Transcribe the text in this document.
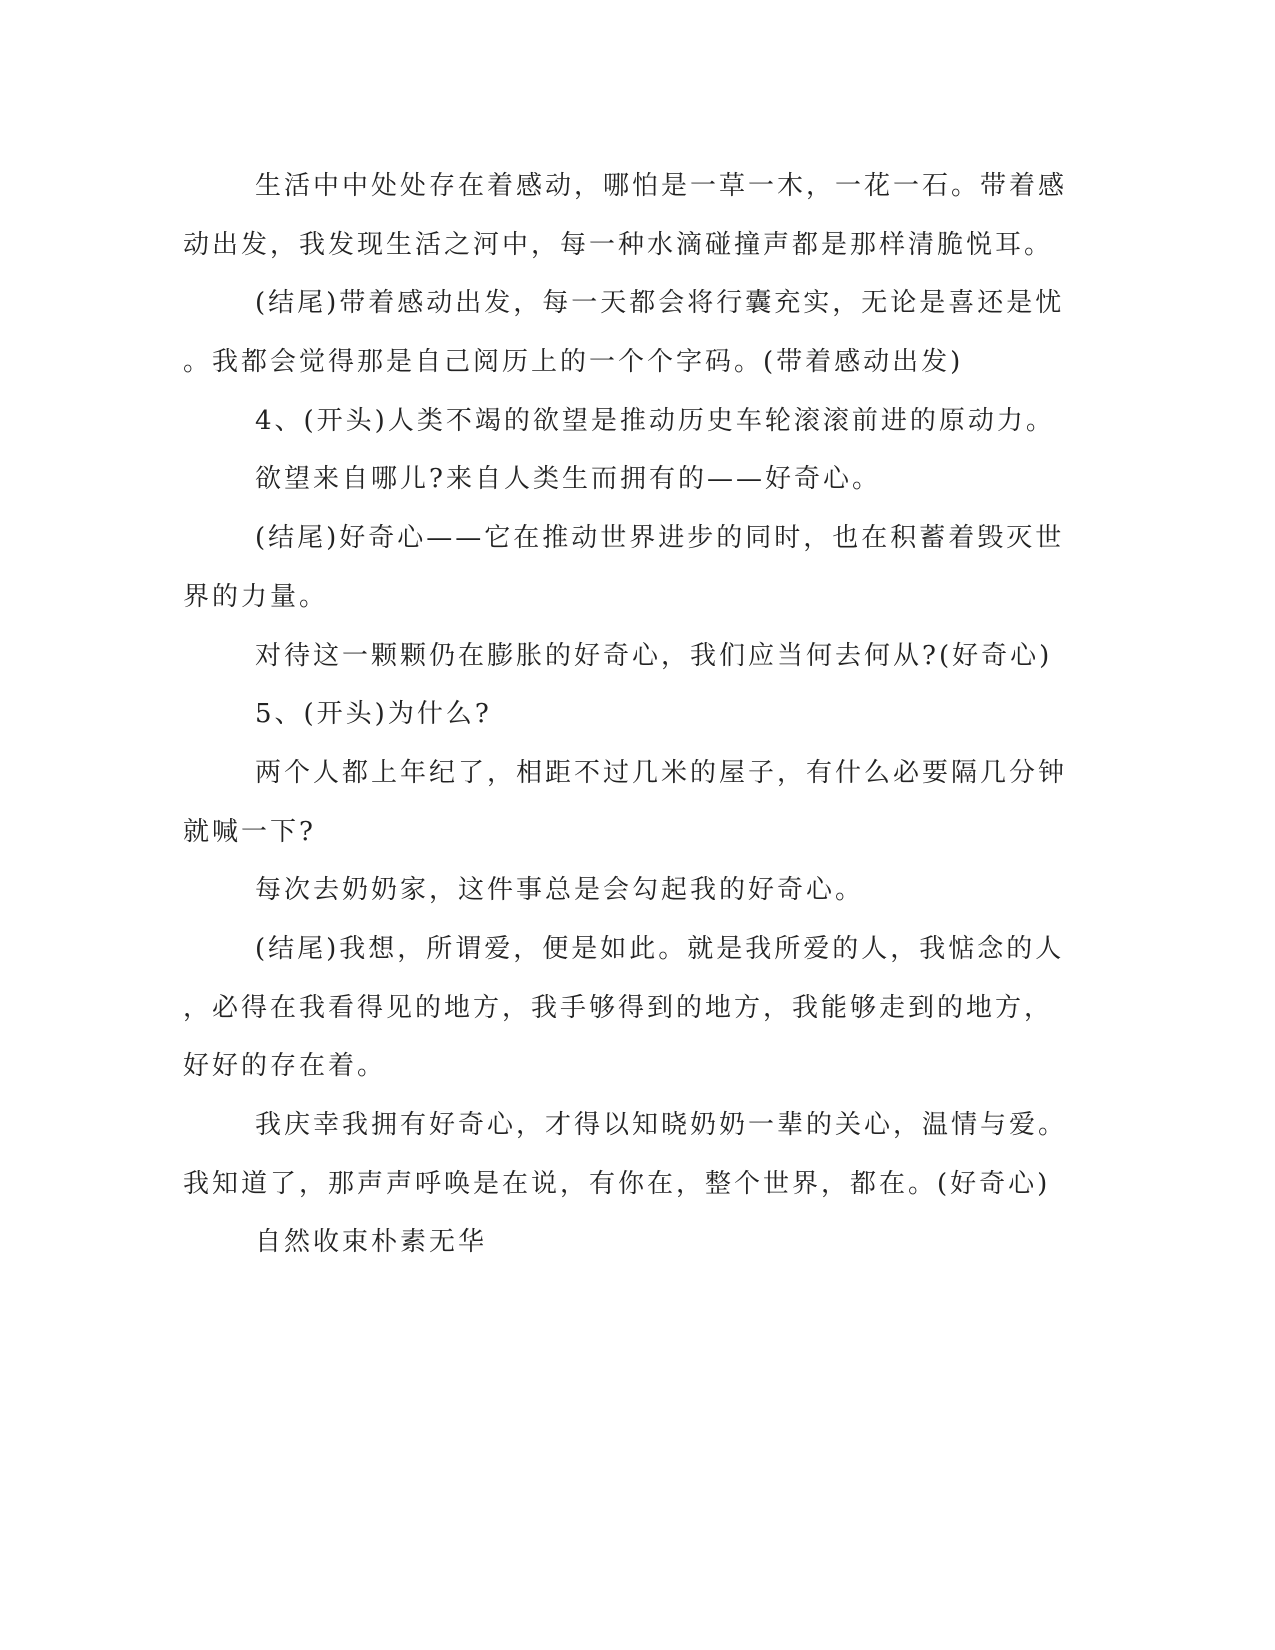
生活中中处处存在着感动，哪怕是一草一木，一花一石。带着感
动出发，我发现生活之河中，每一种水滴碰撞声都是那样清脆悦耳。
(结尾)带着感动出发，每一天都会将行囊充实，无论是喜还是忧
。我都会觉得那是自己阅历上的一个个字码。(带着感动出发)
4、(开头)人类不竭的欲望是推动历史车轮滚滚前进的原动力。
欲望来自哪儿?来自人类生而拥有的——好奇心。
(结尾)好奇心——它在推动世界进步的同时，也在积蓄着毁灭世
界的力量。
对待这一颗颗仍在膨胀的好奇心，我们应当何去何从?(好奇心)
5、(开头)为什么?
两个人都上年纪了，相距不过几米的屋子，有什么必要隔几分钟
就喊一下?
每次去奶奶家，这件事总是会勾起我的好奇心。
(结尾)我想，所谓爱，便是如此。就是我所爱的人，我惦念的人
，必得在我看得见的地方，我手够得到的地方，我能够走到的地方，
好好的存在着。
我庆幸我拥有好奇心，才得以知晓奶奶一辈的关心，温情与爱。
我知道了，那声声呼唤是在说，有你在，整个世界，都在。(好奇心)
自然收束朴素无华
